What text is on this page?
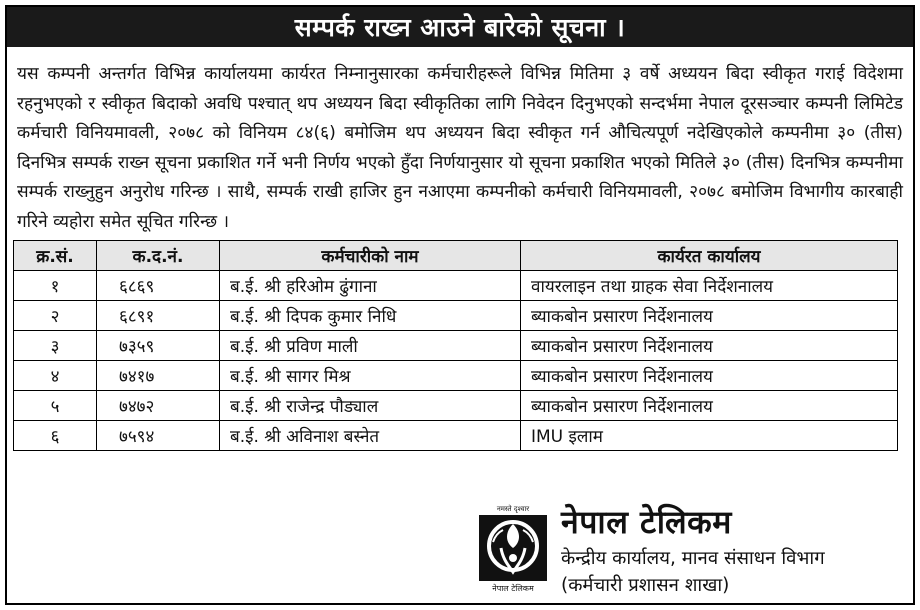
सम्पर्क राख्न आउने बारेको सूचना ।
यस कम्पनी अन्तर्गत विभिन्न कार्यालयमा कार्यरत निम्नानुसारका कर्मचारीहरूले विभिन्न मितिमा ३ वर्षे अध्ययन बिदा स्वीकृत गराई विदेशमा रहनुभएको र स्वीकृत बिदाको अवधि पश्चात् थप अध्ययन बिदा स्वीकृतिका लागि निवेदन दिनुभएको सन्दर्भमा नेपाल दूरसञ्चार कम्पनी लिमिटेड कर्मचारी विनियमावली, २०७८ को विनियम ८४(६) बमोजिम थप अध्ययन बिदा स्वीकृत गर्न औचित्यपूर्ण नदेखिएकोले कम्पनीमा ३० (तीस) दिनभित्र सम्पर्क राख्न सूचना प्रकाशित गर्ने भनी निर्णय भएको हुँदा निर्णयानुसार यो सूचना प्रकाशित भएको मितिले ३० (तीस) दिनभित्र कम्पनीमा सम्पर्क राख्नुहुन अनुरोध गरिन्छ । साथै, सम्पर्क राखी हाजिर हुन नआएमा कम्पनीको कर्मचारी विनियमावली, २०७८ बमोजिम विभागीय कारबाही गरिने व्यहोरा समेत सूचित गरिन्छ ।
क्र.सं.	क.द.नं.	कर्मचारीको नाम	कार्यरत कार्यालय
१	६८६९	ब.ई. श्री हरिओम ढुंगाना	वायरलाइन तथा ग्राहक सेवा निर्देशनालय
२	६८९१	ब.ई. श्री दिपक कुमार निधि	ब्याकबोन प्रसारण निर्देशनालय
३	७३५९	ब.ई. श्री प्रविण माली	ब्याकबोन प्रसारण निर्देशनालय
४	७४१७	ब.ई. श्री सागर मिश्र	ब्याकबोन प्रसारण निर्देशनालय
५	७४७२	ब.ई. श्री राजेन्द्र पौड्याल	ब्याकबोन प्रसारण निर्देशनालय
६	७५९४	ब.ई. श्री अविनाश बस्नेत	IMU इलाम
नमस्ते दृश्वार
नेपाल टेलिकम
नेपाल टेलिकम
केन्द्रीय कार्यालय, मानव संसाधन विभाग
(कर्मचारी प्रशासन शाखा)
